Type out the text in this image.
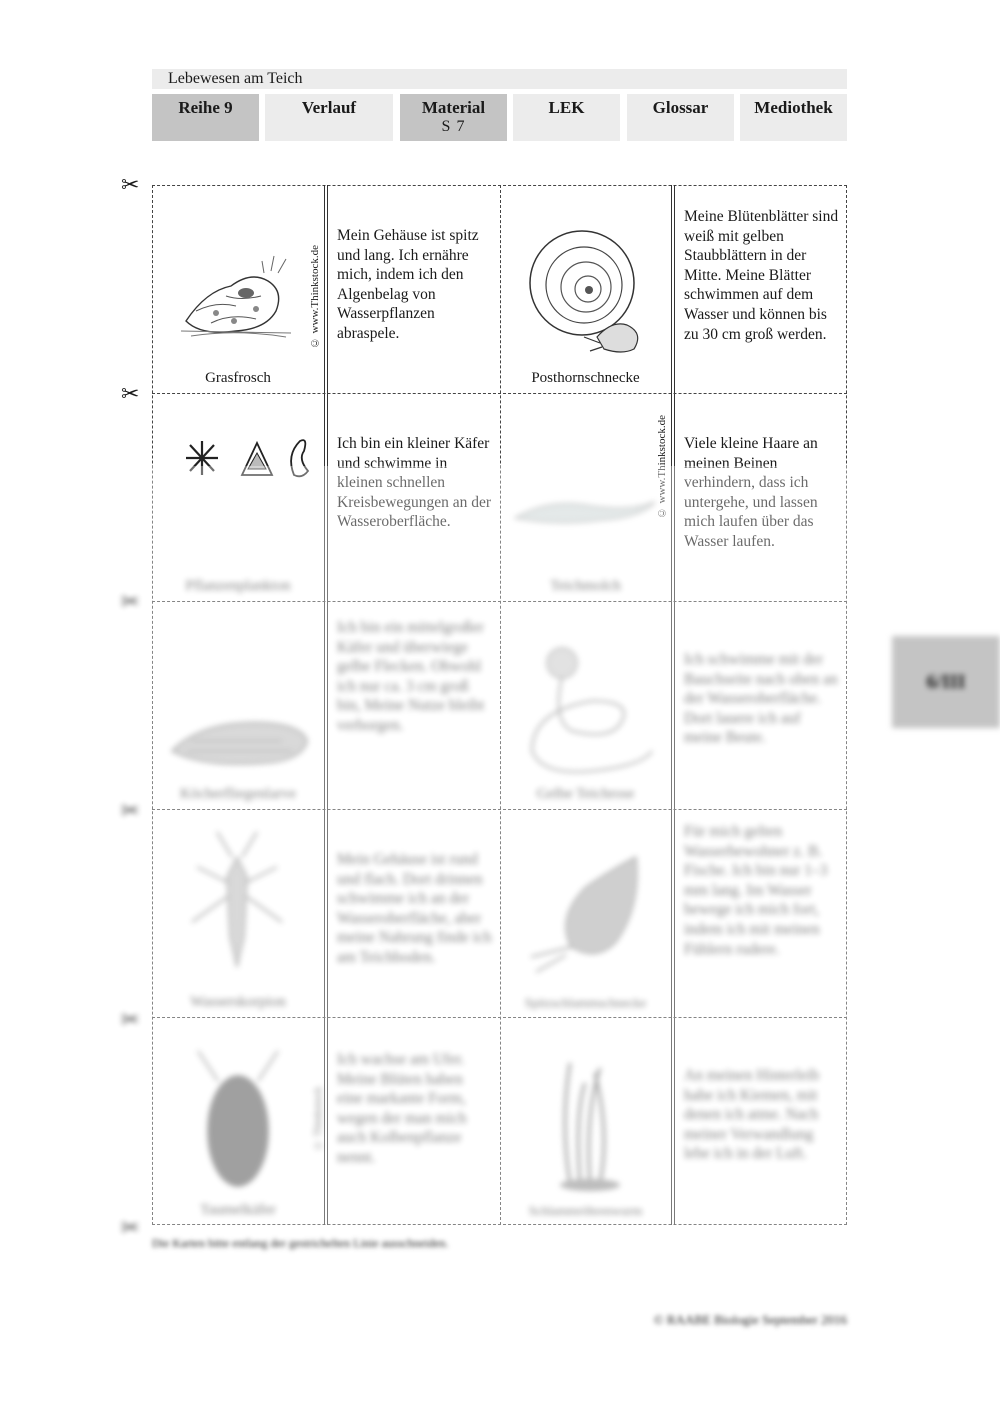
Lebewesen am Teich
Reihe 9	Verlauf	Material
S 7
LEK	Glossar	Mediothek
✂
✂
✂
✂
✂
✂
© www.Thinkstock.de
Grasfrosch
Mein Gehäuse ist spitz und lang. Ich ernähre mich, indem ich den Algenbelag von Wasserpflanzen abraspele.
Posthornschnecke
Meine Blütenblätter sind weiß mit gelben Staubblättern in der Mitte. Meine Blätter schwimmen auf dem Wasser und können bis zu 30 cm groß werden.
Pflanzenplankton
Ich bin ein kleiner Käfer und schwimme in kleinen schnellen Kreisbewegungen an der Wasseroberfläche.
© www.Thinkstock.de
Teichmolch
Viele kleine Haare an meinen Beinen verhindern, dass ich untergehe, und lassen mich laufen über das Wasser laufen.
Köcherfliegenlarve
Ich bin ein mittelgroßer Käfer und überwiege gelbe Flecken. Obwohl ich nur ca. 3 cm groß bin, Meine Nutze bleibt verborgen.
Gelbe Teichrose
Ich schwimme mit der Bauchseite nach oben an der Wasseroberfläche. Dort lauere ich auf meine Beute.
Wasserskorpion
Mein Gehäuse ist rund und flach. Dort drinnen schwimme ich an der Wasseroberfläche, aber meine Nahrung finde ich am Teichboden.
Spitzschlammschnecke
Für mich gelten Wasserbewohner z. B. Fische. Ich bin nur 1–3 mm lang. Im Wasser bewege ich mich fort, indem ich mit meinen Fühlern rudere.
© Thinkstock
Taumelkäfer
Ich wachse am Ufer. Meine Blüten haben eine markante Form, wegen der man mich auch Kolbenpflanze nennt.
Schlammröhrenwurm
An meinen Hinterleib habe ich Kiemen, mit denen ich atme. Nach meiner Verwandlung lebe ich in der Luft.
6/III
Die Karten bitte entlang der gestrichelten Linie ausschneiden.
© RAABE Biologie September 2016
